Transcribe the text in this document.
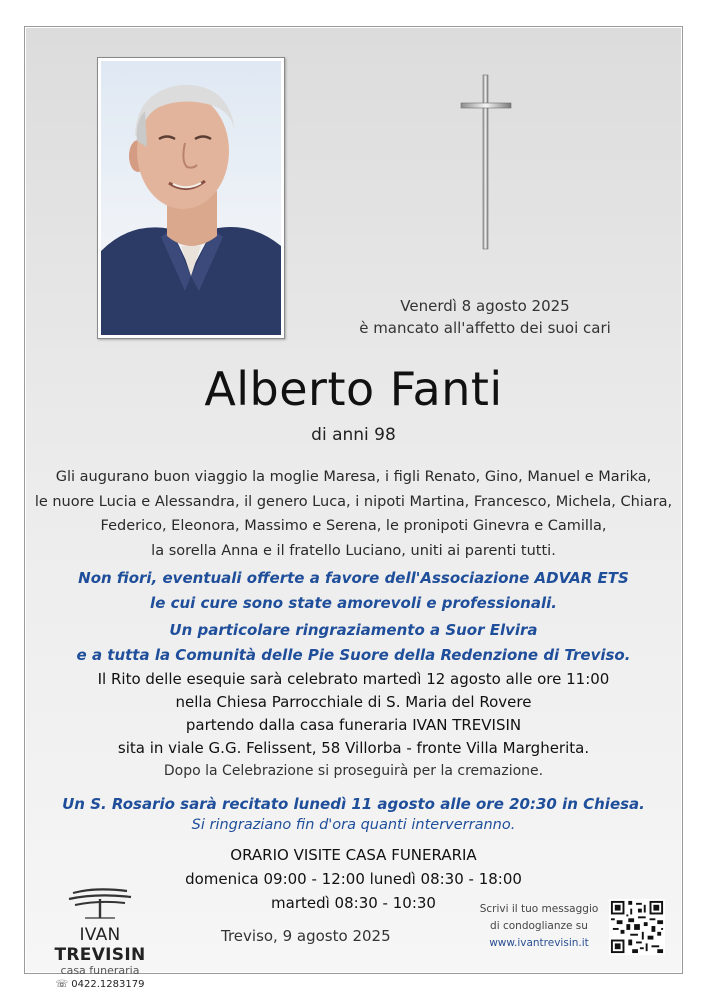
Venerdì 8 agosto 2025
è mancato all'affetto dei suoi cari
Alberto Fanti
di anni 98
Gli augurano buon viaggio la moglie Maresa, i figli Renato, Gino, Manuel e Marika,
le nuore Lucia e Alessandra, il genero Luca, i nipoti Martina, Francesco, Michela, Chiara,
Federico, Eleonora, Massimo e Serena, le pronipoti Ginevra e Camilla,
la sorella Anna e il fratello Luciano, uniti ai parenti tutti.
Non fiori, eventuali offerte a favore dell'Associazione ADVAR ETS
le cui cure sono state amorevoli e professionali.
Un particolare ringraziamento a Suor Elvira
e a tutta la Comunità delle Pie Suore della Redenzione di Treviso.
Il Rito delle esequie sarà celebrato martedì 12 agosto alle ore 11:00
nella Chiesa Parrocchiale di S. Maria del Rovere
partendo dalla casa funeraria IVAN TREVISIN
sita in viale G.G. Felissent, 58 Villorba - fronte Villa Margherita.
Dopo la Celebrazione si proseguirà per la cremazione.
Un S. Rosario sarà recitato lunedì 11 agosto alle ore 20:30 in Chiesa.
Si ringraziano fin d'ora quanti interverranno.
ORARIO VISITE CASA FUNERARIA
domenica 09:00 - 12:00 lunedì 08:30 - 18:00
martedì 08:30 - 10:30
IVAN TREVISIN
casa funeraria
☏ 0422.1283179
Treviso, 9 agosto 2025
Scrivi il tuo messaggio
di condoglianze su
www.ivantrevisin.it
